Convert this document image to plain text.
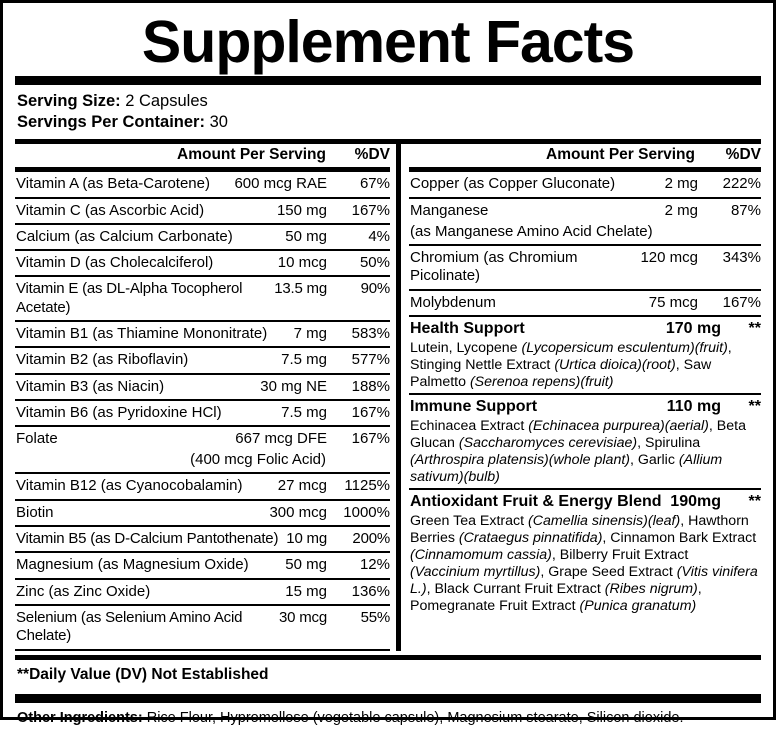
Supplement Facts
Serving Size: 2 Capsules
Servings Per Container: 30
Amount Per Serving	%DV
Vitamin A (as Beta-Carotene)	600 mcg RAE	67%
Vitamin C (as Ascorbic Acid)	150 mg	167%
Calcium (as Calcium Carbonate)	50 mg	4%
Vitamin D (as Cholecalciferol)	10 mcg	50%
Vitamin E (as DL-Alpha Tocopherol Acetate)
13.5 mg	90%
Vitamin B1 (as Thiamine Mononitrate)	7 mg	583%
Vitamin B2 (as Riboflavin)	7.5 mg	577%
Vitamin B3 (as Niacin)	30 mg NE	188%
Vitamin B6 (as Pyridoxine HCl)	7.5 mg	167%
Folate	667 mcg DFE	167%
(400 mcg Folic Acid)
Vitamin B12 (as Cyanocobalamin)	27 mcg	1125%
Biotin	300 mcg	1000%
Vitamin B5 (as D-Calcium Pantothenate) 10 mg	200%
Magnesium (as Magnesium Oxide)	50 mg	12%
Zinc (as Zinc Oxide)	15 mg	136%
Selenium (as Selenium Amino Acid Chelate)
30 mcg	55%
Amount Per Serving	%DV
Copper (as Copper Gluconate)	2 mg	222%
Manganese	2 mg	87%
(as Manganese Amino Acid Chelate)
Chromium (as Chromium Picolinate)
120 mcg	343%
Molybdenum	75 mcg	167%
Health Support	170 mg	**
Lutein, Lycopene (Lycopersicum esculentum)(fruit), Stinging Nettle Extract (Urtica dioica)(root), Saw Palmetto (Serenoa repens)(fruit)
Immune Support	110 mg	**
Echinacea Extract (Echinacea purpurea)(aerial), Beta Glucan (Saccharomyces cerevisiae), Spirulina (Arthrospira platensis)(whole plant), Garlic (Allium sativum)(bulb)
Antioxidant Fruit & Energy Blend 190mg	**
Green Tea Extract (Camellia sinensis)(leaf), Hawthorn Berries (Crataegus pinnatifida), Cinnamon Bark Extract (Cinnamomum cassia), Bilberry Fruit Extract (Vaccinium myrtillus), Grape Seed Extract (Vitis vinifera L.), Black Currant Fruit Extract (Ribes nigrum), Pomegranate Fruit Extract (Punica granatum)
**Daily Value (DV) Not Established
Other Ingredients: Rice Flour, Hypromellose (vegetable capsule), Magnesium stearate, Silicon dioxide.
